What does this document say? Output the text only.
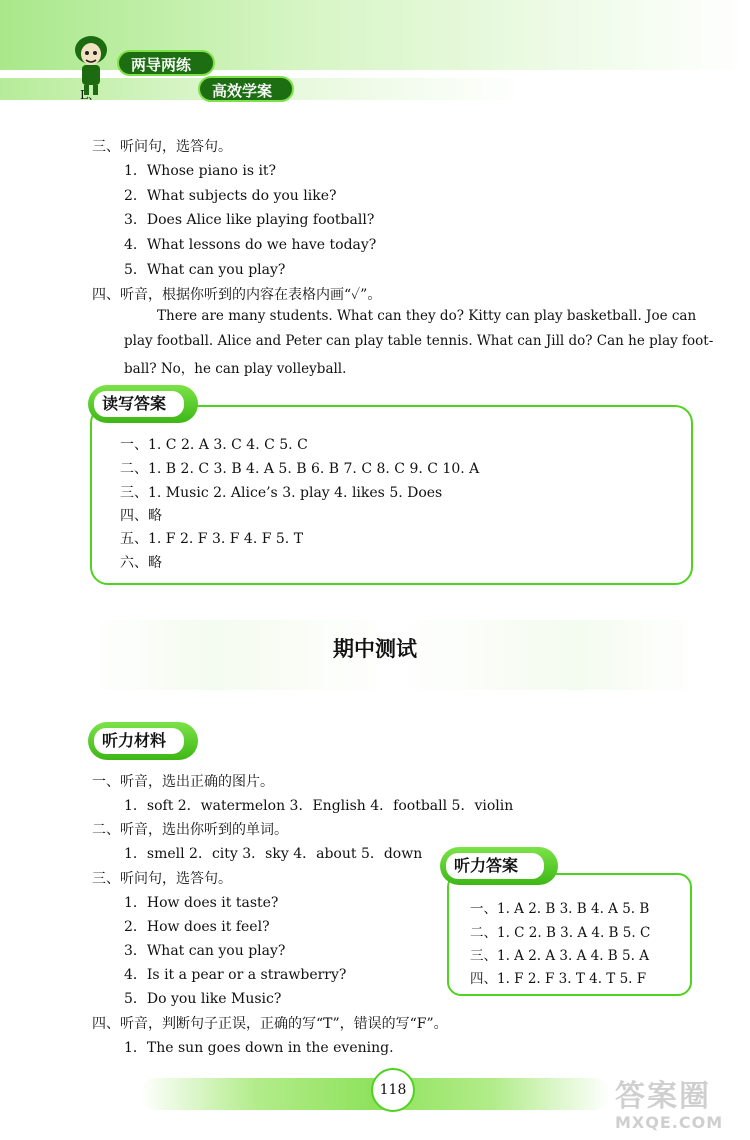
两导两练
高效学案
L、
三、听问句，选答句。
1．Whose piano is it?
2．What subjects do you like?
3．Does Alice like playing football?
4．What lessons do we have today?
5．What can you play?
四、听音，根据你听到的内容在表格内画“✓”。
There are many students. What can they do? Kitty can play basketball. Joe can
play football. Alice and Peter can play table tennis. What can Jill do? Can he play foot-
ball? No，he can play volleyball.
读写答案
一、1. C 2. A 3. C 4. C 5. C
二、1. B 2. C 3. B 4. A 5. B 6. B 7. C 8. C 9. C 10. A
三、1. Music 2. Alice’s 3. play 4. likes 5. Does
四、略
五、1. F 2. F 3. F 4. F 5. T
六、略
期中测试
听力材料
一、听音，选出正确的图片。
1．soft 2．watermelon 3．English 4．football 5．violin
二、听音，选出你听到的单词。
1．smell 2．city 3．sky 4．about 5．down
三、听问句，选答句。
1．How does it taste?
2．How does it feel?
3．What can you play?
4．Is it a pear or a strawberry?
5．Do you like Music?
四、听音，判断句子正误，正确的写“T”，错误的写“F”。
1．The sun goes down in the evening.
听力答案
一、1. A 2. B 3. B 4. A 5. B
二、1. C 2. B 3. A 4. B 5. C
三、1. A 2. A 3. A 4. B 5. A
四、1. F 2. F 3. T 4. T 5. F
118	答案圈
MXQE.COM
